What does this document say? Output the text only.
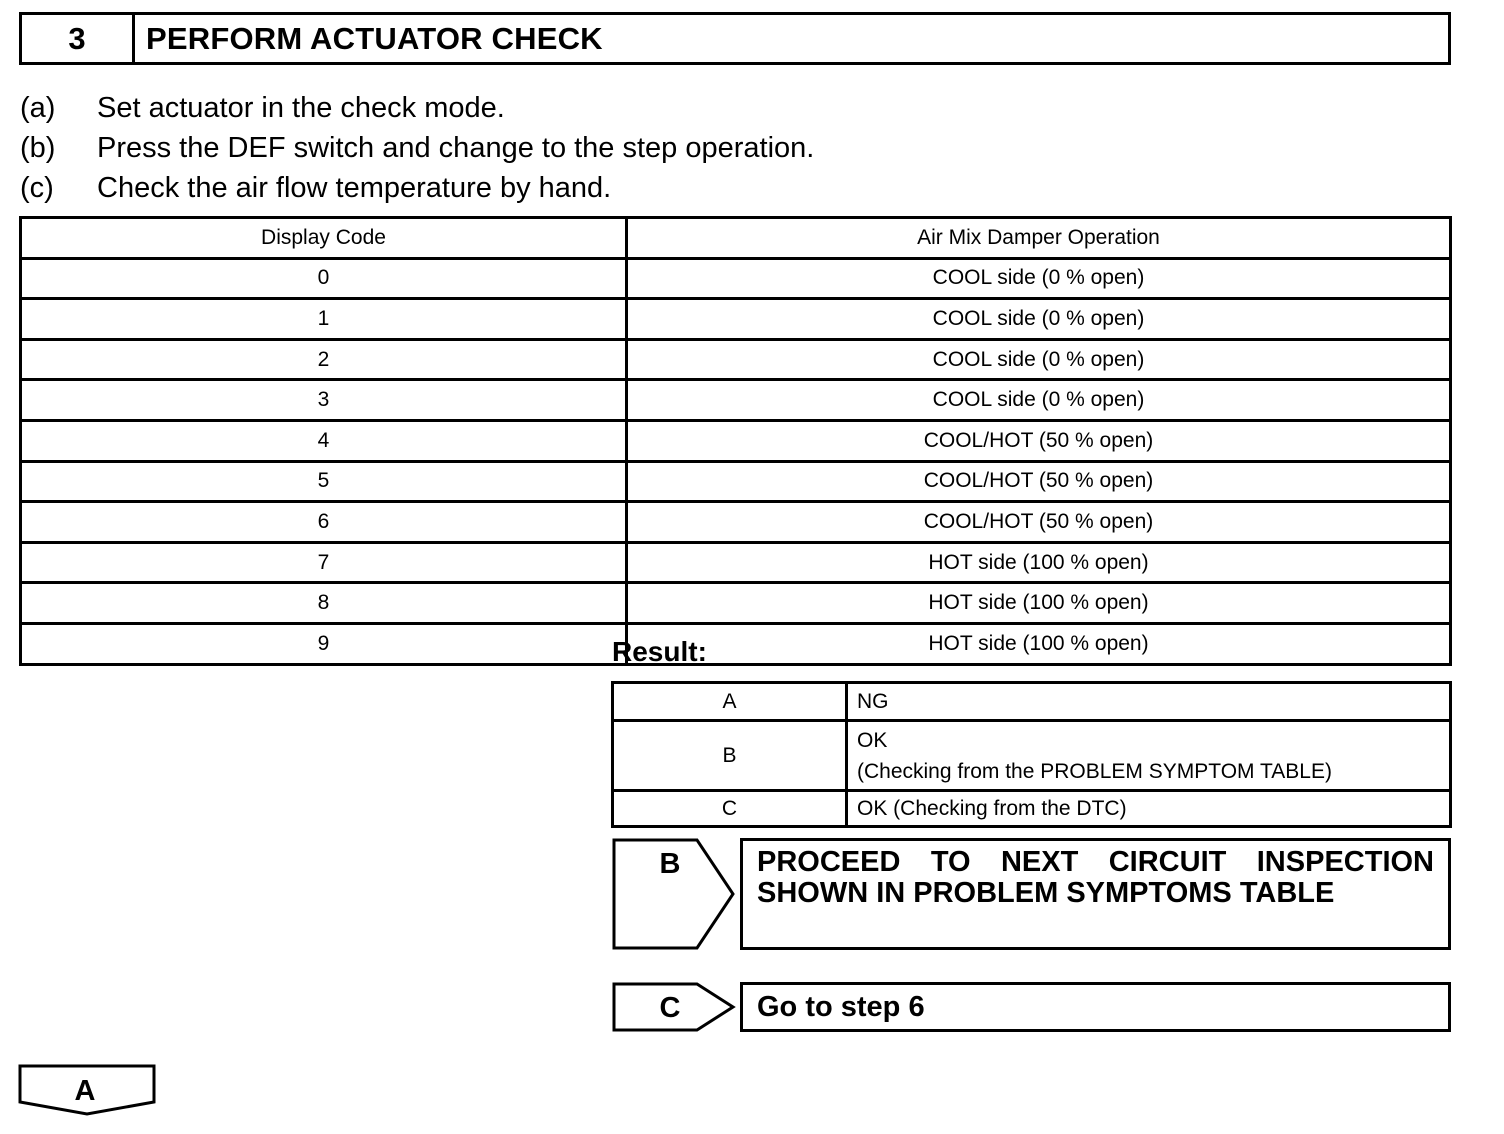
3	PERFORM ACTUATOR CHECK
(a) Set actuator in the check mode.
(b) Press the DEF switch and change to the step operation.
(c) Check the air flow temperature by hand.
Display Code	Air Mix Damper Operation
0	COOL side (0 % open)
1	COOL side (0 % open)
2	COOL side (0 % open)
3	COOL side (0 % open)
4	COOL/HOT (50 % open)
5	COOL/HOT (50 % open)
6	COOL/HOT (50 % open)
7	HOT side (100 % open)
8	HOT side (100 % open)
9	HOT side (100 % open)
Result:
A	NG
B	OK
(Checking from the PROBLEM SYMPTOM TABLE)

C	OK (Checking from the DTC)
B	PROCEED TO NEXT CIRCUIT INSPECTION
SHOWN IN PROBLEM SYMPTOMS TABLE
C	Go to step 6
A
